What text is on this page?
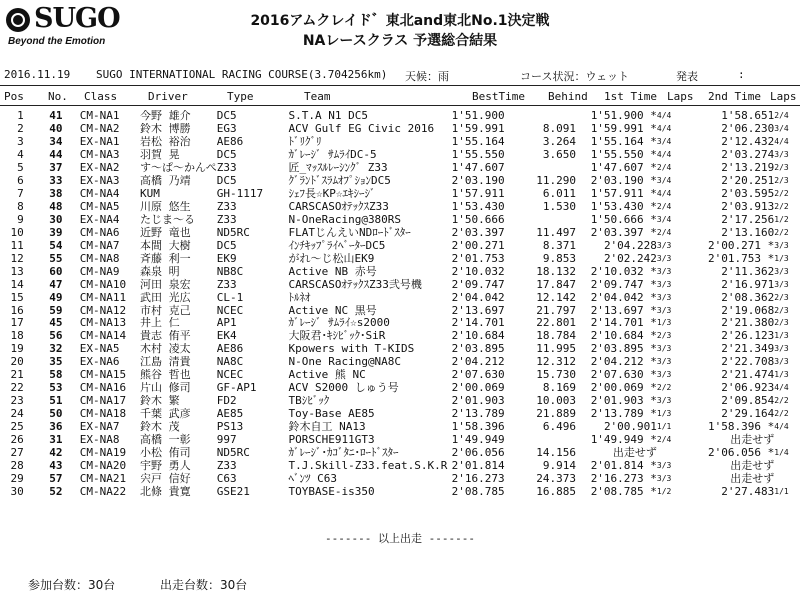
SUGO
Beyond the Emotion
2016アムクレイド゛東北and東北No.1決定戦
NAレースクラス 予選総合結果
2016.11.19 SUGO INTERNATIONAL RACING COURSE(3.704256km) 天候：雨	コース状況：ウェット	発表	:
Pos No. Class	Driver	Type	Team	BestTime Behind 1st Time Laps 2nd Time Laps
1	41		CM-NA	1	今野 雄介	DC5	S.T.A N1 DC5	1'51.900		1'51.900 *	4/4	1'58.651	2/4
2	40		CM-NA	2	鈴木 博勝	EG3	ACV Gulf EG Civic 2016	1'59.991	8.091	1'59.991 *	4/4	2'06.230	3/4
3	34		EX-NA	1	岩松 裕治	AE86	ﾄﾞﾘｸﾞﾘ	1'55.164	3.264	1'55.164 *	3/4	2'12.432	4/4
4	44		CM-NA	3	羽賀 晃	DC5	ｶﾞﾚｰｼﾞ ｻﾑﾗｲDC-5	1'55.550	3.650	1'55.550 *	4/4	2'03.274	3/3
5	37		EX-NA	2	す～ぱ～かんぺ	Z33	匠_ﾏｯｽﾙﾚｰｼﾝｸﾞ Z33	1'47.607		1'47.607 *	2/4	2'13.219	2/3
6	33		EX-NA	3	高橋 乃靖	DC5	ｸﾞﾗﾝﾄﾞｽﾗﾑｵﾌﾟｼｮﾝDC5	2'03.190	11.290	2'03.190 *	3/4	2'20.251	2/3
7	38		CM-NA	4	KUM	GH-1117	ｼｪﾌ長☆KP☆ｴｷｼｰｼﾞ	1'57.911	6.011	1'57.911 *	4/4	2'03.595	2/2
8	48		CM-NA	5	川原 悠生	Z33	CARSCASOｵﾃｯｸｽZ33	1'53.430	1.530	1'53.430 *	2/4	2'03.913	2/2
9	30		EX-NA	4	たじま～る	Z33	N-OneRacing@380RS	1'50.666		1'50.666 *	3/4	2'17.256	1/2
10	39		CM-NA	6	近野 竜也	ND5RC	FLATじんえいNDﾛｰﾄﾞｽﾀｰ	2'03.397	11.497	2'03.397 *	2/4	2'13.160	2/2
11	54		CM-NA	7	本間 大樹	DC5	ｲﾝﾁｷｯﾌﾟﾗｲﾍﾞｰﾀｰDC5	2'00.271	8.371	2'04.228	3/3	2'00.271 *	3/3
12	55		CM-NA	8	斉藤 利一	EK9	がれ～じ松山EK9	2'01.753	9.853	2'02.242	3/3	2'01.753 *	1/3
13	60		CM-NA	9	森泉 明	NB8C	Active NB 赤号	2'10.032	18.132	2'10.032 *	3/3	2'11.362	3/3
14	47		CM-NA	10	河田 泉宏	Z33	CARSCASOｵﾃｯｸｽZ33弐号機	2'09.747	17.847	2'09.747 *	3/3	2'16.971	3/3
15	49		CM-NA	11	武田 光広	CL-1	ﾄﾙﾈｵ	2'04.042	12.142	2'04.042 *	3/3	2'08.362	2/3
16	59		CM-NA	12	市村 克己	NCEC	Active NC 黒号	2'13.697	21.797	2'13.697 *	3/3	2'19.068	2/3
17	45		CM-NA	13	井上 仁	AP1	ｶﾞﾚｰｼﾞ ｻﾑﾗｲ☆s2000	2'14.701	22.801	2'14.701 *	1/3	2'21.380	2/3
18	56		CM-NA	14	貴志 侑平	EK4	大阪君･ｷｼﾋﾞｯｸ･SiR	2'10.684	18.784	2'10.684 *	2/3	2'26.123	1/3
19	32		EX-NA	5	木村 凌太	AE86	Kpowers with T-KIDS	2'03.895	11.995	2'03.895 *	3/3	2'21.349	3/3
20	35		EX-NA	6	江島 清貴	NA8C	N-One Racing@NA8C	2'04.212	12.312	2'04.212 *	3/3	2'22.708	3/3
21	58		CM-NA	15	熊谷 哲也	NCEC	Active 熊 NC	2'07.630	15.730	2'07.630 *	3/3	2'21.474	1/3
22	53		CM-NA	16	片山 修司	GF-AP1	ACV S2000 しゅう号	2'00.069	8.169	2'00.069 *	2/2	2'06.923	4/4
23	51		CM-NA	17	鈴木 繁	FD2	TBｼﾋﾞｯｸ	2'01.903	10.003	2'01.903 *	3/3	2'09.854	2/2
24	50		CM-NA	18	千葉 武彦	AE85	Toy-Base AE85	2'13.789	21.889	2'13.789 *	1/3	2'29.164	2/2
25	36		EX-NA	7	鈴木 茂	PS13	鈴木自工 NA13	1'58.396	6.496	2'00.901	1/1	1'58.396 *	4/4
26	31		EX-NA	8	高橋 一彰	997	PORSCHE911GT3	1'49.949		1'49.949 *	2/4	出走せず	
27	42		CM-NA	19	小松 侑司	ND5RC	ｶﾞﾚｰｼﾞ･ｶｺﾞﾀﾆ･ﾛｰﾄﾞｽﾀｰ	2'06.056	14.156	出走せず		2'06.056 *	1/4
28	43		CM-NA	20	宇野 勇人	Z33	T.J.Skill-Z33.feat.S.K.R	2'01.814	9.914	2'01.814 *	3/3	出走せず	
29	57		CM-NA	21	宍戸 信好	C63	ﾍﾞﾝﾂ C63	2'16.273	24.373	2'16.273 *	3/3	出走せず	
30	52		CM-NA	22	北條 貴寛	GSE21	TOYBASE-is350	2'08.785	16.885	2'08.785 *	1/2	2'27.483	1/1
------- 以上出走 -------
参加台数：30台	出走台数：30台
